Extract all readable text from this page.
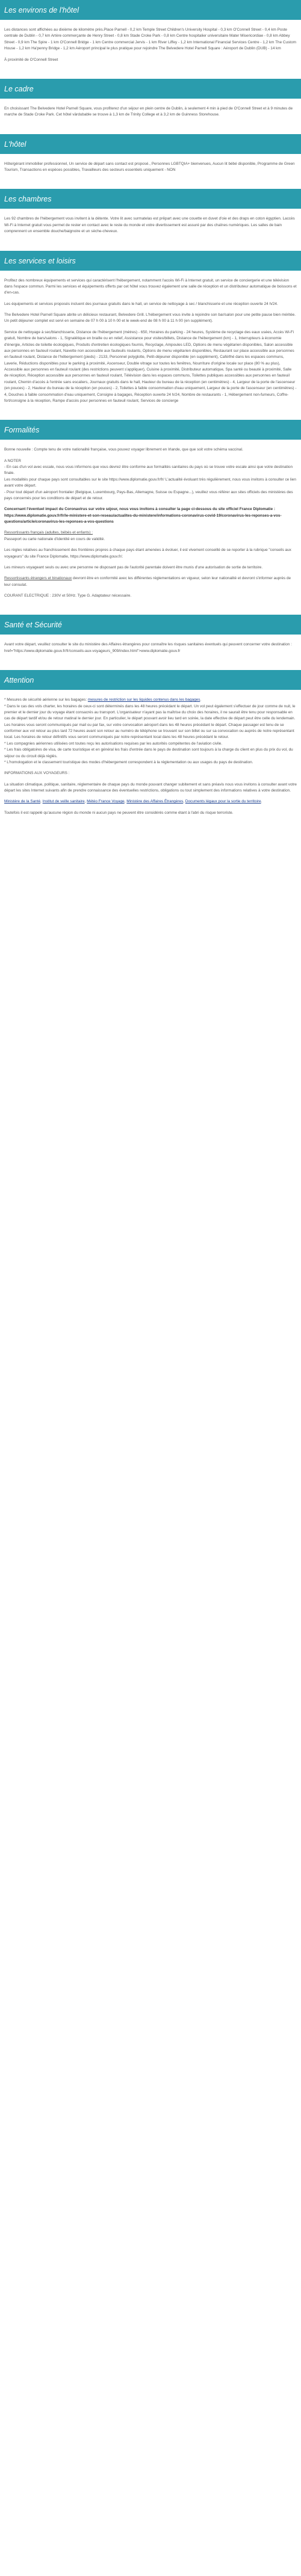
Les environs de l'hôtel

Les distances sont affichées au dixième de kilomètre près.Place Parnell - 0,2 km Temple Street Children's University Hospital - 0,3 km O'Connell Street - 0,4 km Poste centrale de Dublin - 0,7 km Artère commerçante de Henry Street - 0,8 km Stade Croke Park - 0,8 km Centre hospitalier universitaire Mater Misericordiae - 0,8 km Abbey Street - 0,9 km The Spire - 1 km O'Connell Bridge - 1 km Centre commercial Jervis - 1 km River Liffey - 1,2 km International Financial Services Centre - 1,2 km The Custom House - 1,2 km Ha'penny Bridge - 1,2 km Aéroport principal le plus pratique pour rejoindre The Belvedere Hotel Parnell Square : Aéroport de Dublin (DUB) - 14 km

À proximité de O'Connell Street

Le cadre

En choisissant The Belvedere Hotel Parnell Square, vous profiterez d'un séjour en plein centre de Dublin, à seulement 4 min à pied de O'Connell Street et à 9 minutes de marche de Stade Croke Park. Cet hôtel värdubable se trouve à 1,3 km de Trinity College et à 3,2 km de Guinness Storehouse.

L'hôtel

Hôte/gérant immobilier professionnel, Un service de départ sans contact est proposé., Personnes LGBTQIA+ bienvenues, Aucun lit bébé disponible, Programme de Green Tourism, Transactions en espèces possibles, Travailleurs des secteurs essentiels uniquement - NON

Les chambres

Les 92 chambres de l'hébergement vous invitent à la détente. Votre lit avec surmatelas est prêpart avec une couette en duvet d'oie et des draps en coton égyptien. Laccès Wi-Fi à Internet gratuit vous permet de rester en contact avec le reste du monde et votre divertissement est assuré par des chaînes numériques. Les salles de bain comprennent un ensemble douche/baignoire et un sèche-cheveux.

Les services et loisirs

Profitez des nombreux équipements et services qui caractérisent l'hébergement, notamment l'accès Wi-Fi à Internet gratuit, un service de conciergerie et une télévision dans l'espace commun. Parmi les services et équipements offerts par cet hôtel vous trouvez également une salle de réception et un distributeur automatique de boissons et d'en-cas.

Les équipements et services proposés incluent des journaux gratuits dans le hall, un service de nettoyage à sec / blanchisserie et une réception ouverte 24 h/24.

The Belvedere Hotel Parnell Square abrite un délicieux restaurant, Belvedere Grill. L'hébergement vous invite à rejoindre son bar/salon pour une petite pause bien méritée. Un petit déjeuner complet est servi en semaine de 07 h 00 à 10 h 00 et le week-end de 08 h 00 à 11 h 00 (en supplément).

Service de nettoyage à sec/blanchisserie, Distance de l'hébergement (mètres) - 650, Horaires du parking - 24 heures, Système de recyclage des eaux usées, Accès Wi-Fi gratuit, Nombre de bars/salons - 1, Signalétique en braille ou en relief, Assistance pour visites/billets, Distance de l'hébergement (km) - 1, Interrupteurs à économie d'énergie, Articles de toilette écologiques, Produits d'entretien écologiques fournis, Recyclage, Ampoules LED, Options de menu végétarien disponibles, Salon accessible aux personnes en fauteuil roulant, Navette non accessible aux fauteuils roulants, Options de menu végétarien disponibles, Restaurant sur place accessible aux personnes en fauteuil roulant, Distance de l'hébergement (pieds) - 2133, Personnel polyglotte, Petit-déjeuner disponible (en supplément), Café/thé dans les espaces communs, Laverie, Réductions disponibles pour le parking à proximité, Ascenseur, Double vitrage sur toutes les fenêtres, Nourriture d'origine locale sur place (80 % au plus), Accessible aux personnes en fauteuil roulant (des restrictions peuvent s'appliquer), Cuisine à proximité, Distributeur automatique, Spa santé ou beauté à proximité, Salle de réception, Réception accessible aux personnes en fauteuil roulant, Télévision dans les espaces communs, Toilettes publiques accessibles aux personnes en fauteuil roulant, Chemin d'accès à l'entrée sans escaliers, Journaux gratuits dans le hall, Hauteur du bureau de la réception (en centimètres) - 4, Largeur de la porte de l'ascenseur (en pouces) - 2, Hauteur du bureau de la réception (en pouces) - 2, Toilettes à faible consommation d'eau uniquement, Largeur de la porte de l'ascenseur (en centimètres) - 4, Douches à faible consommation d'eau uniquement, Consigne à bagages, Réception ouverte 24 h/24, Nombre de restaurants - 1, Hébergement non-fumeurs, Coffre-fort/consigne à la réception, Rampe d'accès pour personnes en fauteuil roulant, Services de concierge

Formalités

Bonne nouvelle : Compte tenu de votre nationalité française, vous pouvez voyager librement en Irlande, que que soit votre schéma vaccinal.

A NOTER
- En cas d'un vol avec escale, nous vous informons que vous devrez être conforme aux formalités sanitaires du pays où se trouve votre escale ainsi que votre destination finale.
Les modalités pour chaque pays sont consultables sur le site https://www.diplomatie.gouv.fr/fr/ L'actualité évoluant très régulièrement, nous vous invitons à consulter ce lien avant votre départ.
- Pour tout départ d'un aéroport frontalier (Belgique, Luxembourg, Pays-Bas, Allemagne, Suisse ou Espagne...), veuillez vous référer aux sites officiels des ministères des pays concernés pour les conditions de départ et de retour.

Concernant l'éventuel impact du Coronavirus sur votre séjour, nous vous invitons à consulter la page ci-dessous du site officiel France Diplomatie : https://www.diplomatie.gouv.fr/fr/le-ministere-et-son-reseau/actualites-du-ministere/informations-coronavirus-covid-19/coronavirus-les-reponses-a-vos-questions/article/coronavirus-les-reponses-a-vos-questions

Ressortissants français (adultes, bébés et enfants) :
Passeport ou carte nationale d'identité en cours de validité.

Les règles relatives au franchissement des frontières propres à chaque pays étant amenées à évoluer, il est vivement conseillé de se reporter à la rubrique "conseils aux voyageurs" du site France Diplomatie, https://www.diplomatie.gouv.fr/.

Les mineurs voyageant seuls ou avec une personne ne disposant pas de l'autorité parentale doivent être munis d'une autorisation de sortie de territoire.

Ressortissants étrangers et binationaux devront être en conformité avec les différentes réglementations en vigueur, selon leur nationalité et devront s'informer auprès de leur consulat.

COURANT ELECTRIQUE : 230V et 50Hz. Type G. Adaptateur nécessaire.

Santé et Sécurité

Avant votre départ, veuillez consulter le site du ministère des Affaires étrangères pour connaître les risques sanitaires éventuels qui peuvent concerner votre destination : href="https://www.diplomatie.gouv.fr/fr/conseils-aux-voyageurs_909/index.html">www.diplomatie.gouv.fr

Attention

* Mesures de sécurité aérienne sur les bagages: mesures de restriction sur les liquides contenus dans les bagages.
* Dans le cas des vols charter, les horaires de ceux-ci sont déterminés dans les 48 heures précédant le départ. Un vol peut également s'effectuer de jour comme de nuit, le premier et le dernier jour du voyage étant consacrés au transport. L'organisateur n'ayant pas la maîtrise du choix des horaires, il ne saurait être tenu pour responsable en cas de départ tardif et/ou de retour matinal le dernier jour. En particulier, le départ pouvant avoir lieu tard en soirée, la date effective de départ peut être celle du lendemain. Les horaires vous seront communiqués par mail ou par fax, sur votre convocation aéroport dans les 48 heures précédant le départ. Chaque passager est tenu de se conformer aux vol retour au plus tard 72 heures avant son retour au numéro de téléphone se trouvant sur son billet ou sur sa convocation ou auprès de notre représentant local. Les horaires de retour définitifs vous seront communiqués par notre représentant local dans les 48 heures précédant le retour.
* Les compagnies aériennes utilisées ont toutes reçu les autorisations requises par les autorités compétentes de l'aviation civile.
* Les frais obligatoires de visa, de carte touristique et en général les frais d'entrée dans le pays de destination sont toujours à la charge du client en plus du prix du vol, du séjour ou du circuit déjà réglés.
* L'homologation et le classement touristique des modes d'hébergement correspondent à la réglementation ou aux usages du pays de destination.

INFORMATIONS AUX VOYAGEURS :

La situation climatique, politique, sanitaire, réglementaire de chaque pays du monde pouvant changer subitement et sans préavis nous vous invitons à consulter avant votre départ les sites Internet suivants afin de prendre connaissance des éventuelles restrictions, obligations ou tout simplement des informations relatives à votre destination.

Ministère de la Santé, Institut de veille sanitaire, Météo France Voyage, Ministère des Affaires Étrangères, Documents légaux pour la sortie du territoire.

Toutefois il est rappelé qu'aucune région du monde ni aucun pays ne peuvent être considérés comme étant à l'abri du risque terroriste.
